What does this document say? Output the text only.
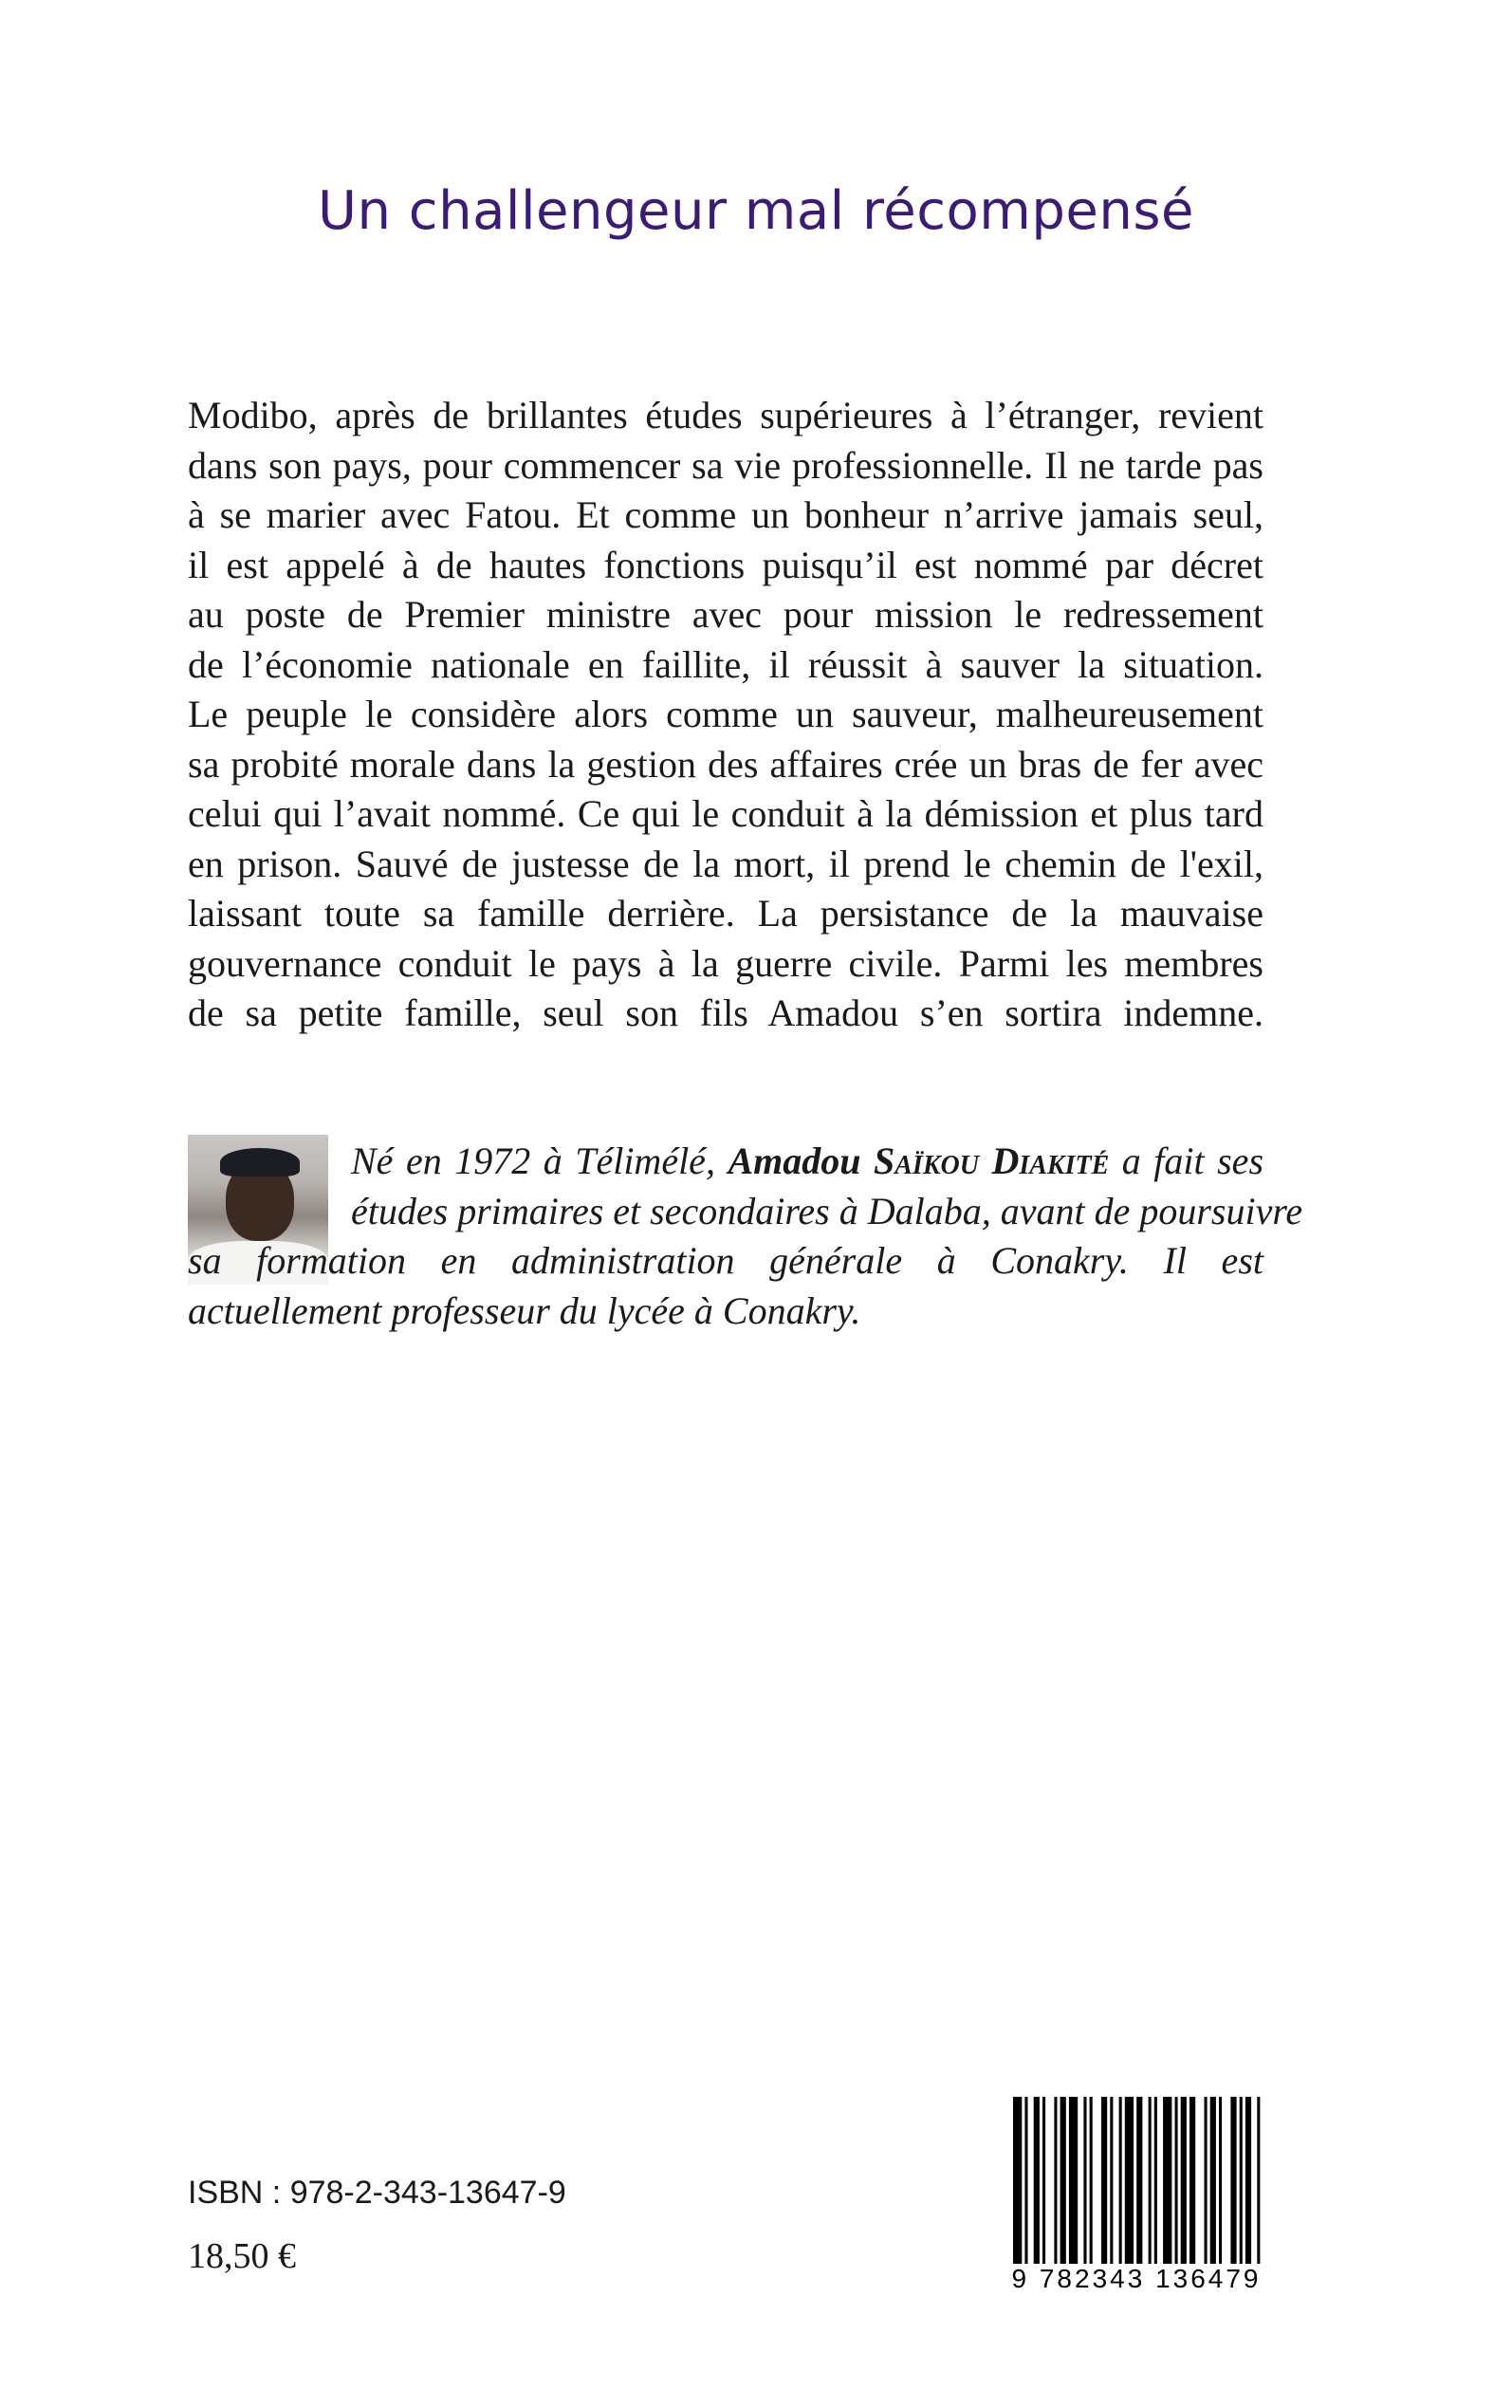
Un challengeur mal récompensé
Modibo, après de brillantes études supérieures à l’étranger, revient
dans son pays, pour commencer sa vie professionnelle. Il ne tarde pas
à se marier avec Fatou. Et comme un bonheur n’arrive jamais seul,
il est appelé à de hautes fonctions puisqu’il est nommé par décret
au poste de Premier ministre avec pour mission le redressement
de l’économie nationale en faillite, il réussit à sauver la situation.
Le peuple le considère alors comme un sauveur, malheureusement
sa probité morale dans la gestion des affaires crée un bras de fer avec
celui qui l’avait nommé. Ce qui le conduit à la démission et plus tard
en prison. Sauvé de justesse de la mort, il prend le chemin de l'exil,
laissant toute sa famille derrière. La persistance de la mauvaise
gouvernance conduit le pays à la guerre civile. Parmi les membres
de sa petite famille, seul son fils Amadou s’en sortira indemne.
Né en 1972 à Télimélé, Amadou Saïkou Diakité a fait ses
études primaires et secondaires à Dalaba, avant de poursuivre
sa formation en administration générale à Conakry. Il est
actuellement professeur du lycée à Conakry.
ISBN : 978-2-343-13647-9
18,50 €
9 782343 136479
